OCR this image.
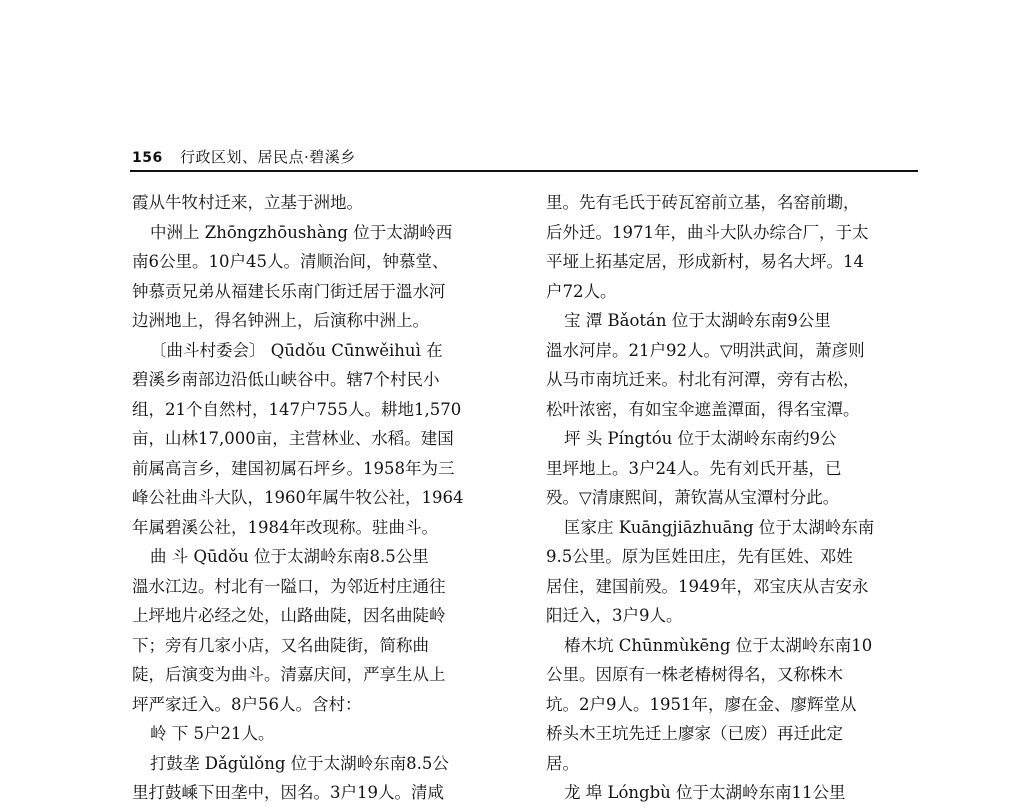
156 行政区划、居民点·碧溪乡
霞从牛牧村迁来，立基于洲地。
中洲上 Zhōngzhōushàng 位于太湖岭西
南6公里。10户45人。清顺治间，钟慕堂、
钟慕贡兄弟从福建长乐南门街迁居于溫水河
边洲地上，得名钟洲上，后演称中洲上。
〔曲斗村委会〕 Qūdǒu Cūnwěihuì 在
碧溪乡南部边沿低山峡谷中。辖7个村民小
组，21个自然村，147户755人。耕地1,570
亩，山林17,000亩，主营林业、水稻。建国
前属高言乡，建国初属石坪乡。1958年为三
峰公社曲斗大队，1960年属牛牧公社，1964
年属碧溪公社，1984年改现称。驻曲斗。
曲 斗 Qūdǒu 位于太湖岭东南8.5公里
溫水江边。村北有一隘口，为邻近村庄通往
上坪地片必经之处，山路曲陡，因名曲陡岭
下；旁有几家小店，又名曲陡街，简称曲
陡，后演变为曲斗。清嘉庆间，严享生从上
坪严家迁入。8户56人。含村：
岭 下 5户21人。
打鼓垄 Dǎgǔlǒng 位于太湖岭东南8.5公
里打鼓嵊下田垄中，因名。3户19人。清咸
里。先有毛氏于砖瓦窑前立基，名窑前墈，
后外迁。1971年，曲斗大队办综合厂，于太
平垭上拓基定居，形成新村，易名大坪。14
户72人。
宝 潭 Bǎotán 位于太湖岭东南9公里
溫水河岸。21户92人。▽明洪武间，萧彦则
从马市南坑迁来。村北有河潭，旁有古松，
松叶浓密，有如宝伞遮盖潭面，得名宝潭。
坪 头 Píngtóu 位于太湖岭东南约9公
里坪地上。3户24人。先有刘氏开基，已
殁。▽清康熙间，萧钦嵩从宝潭村分此。
匡家庄 Kuāngjiāzhuāng 位于太湖岭东南
9.5公里。原为匡姓田庄，先有匡姓、邓姓
居住，建国前殁。1949年，邓宝庆从吉安永
阳迁入，3户9人。
椿木坑 Chūnmùkēng 位于太湖岭东南10
公里。因原有一株老椿树得名，又称株木
坑。2户9人。1951年，廖在金、廖辉堂从
桥头木王坑先迁上廖家（已废）再迁此定
居。
龙 埠 Lóngbù 位于太湖岭东南11公里
